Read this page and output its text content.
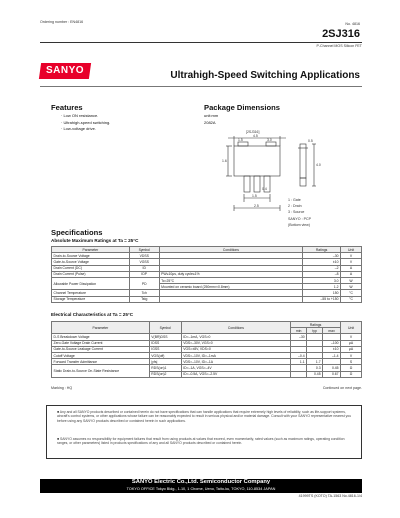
Ordering number : EN4816	No. 4816
2SJ316
P-Channel MOS Silicon FET
SANYO	Ultrahigh-Speed Switching Applications
Features
· Low ON resistance.
· Ultrahigh-speed switching.
· Low-voltage drive.
Package Dimensions
unit:mm
2082A
[2SJ316]
4.5
1.6
1.5
0.4
2.5
4.0
0.5
1.5	3.0
1 : Gate
2 : Drain
3 : Source
SANYO : PCP
(Bottom view)
Specifications
Absolute Maximum Ratings at Ta = 25°C
Parameter	Symbol	Conditions	Ratings	Unit
Drain-to-Source Voltage	VDSS		–30	V
Gate-to-Source Voltage	VGSS		±10	V
Drain Current (DC)	ID		–2	A
Drain Current (Pulse)	IDP	PW≤10μs, duty cycle≤1%	–8	A
Allowable Power Dissipation	PD	Tc=25°C	3.0	W
		Mounted on ceramic board (250mm²×0.8mm)	1.2	W
Channel Temperature	Tch		150	°C
Storage Temperature	Tstg		–55 to +150	°C
Electrical Characteristics at Ta = 25°C
Parameter	Symbol	Conditions	Ratings			Unit
			min	typ	max	
D-S Breakdown Voltage	V(BR)DSS	ID=–1mA, VGS=0	–30			V
Zero-Gate Voltage Drain Current	IDSS	VDS=–30V, VGS=0			–100	μA
Gate-to-Source Leakage Current	IGSS	VGS=±8V, VDS=0			±10	μA
Cutoff Voltage	VGS(off)	VDS=–10V, ID=–1mA	–0.4		–1.4	V
Forward Transfer Admittance	|yfs|	VDS=–10V, ID=–1A	1.1	1.7		S
Static Drain-to-Source On-State Resistance	RDS(on)1	ID=–1A, VGS=–4V		0.3	0.45	Ω
	RDS(on)2	ID=–0.5A, VGS=–2.5V		0.45	0.67	Ω
Marking : HQ	Continued on next page.
■ Any and all SANYO products described or contained herein do not have specifications that can handle applications that require extremely high levels of reliability, such as life-support systems, aircraft's control systems, or other applications whose failure can be reasonably expected to result in serious physical and/or material damage. Consult with your SANYO representative nearest you before using any SANYO products described or contained herein in such applications.
■ SANYO assumes no responsibility for equipment failures that result from using products at values that exceed, even momentarily, rated values (such as maximum ratings, operating condition ranges, or other parameters) listed in products specifications of any and all SANYO products described or contained herein.
SANYO Electric Co.,Ltd. Semiconductor Company
TOKYO OFFICE Tokyo Bldg., 1-10, 1 Chome, Ueno, Taito-ku, TOKYO, 110-8534 JAPAN
41999TS (KOTO) TA-1563 No.4816-1/4
